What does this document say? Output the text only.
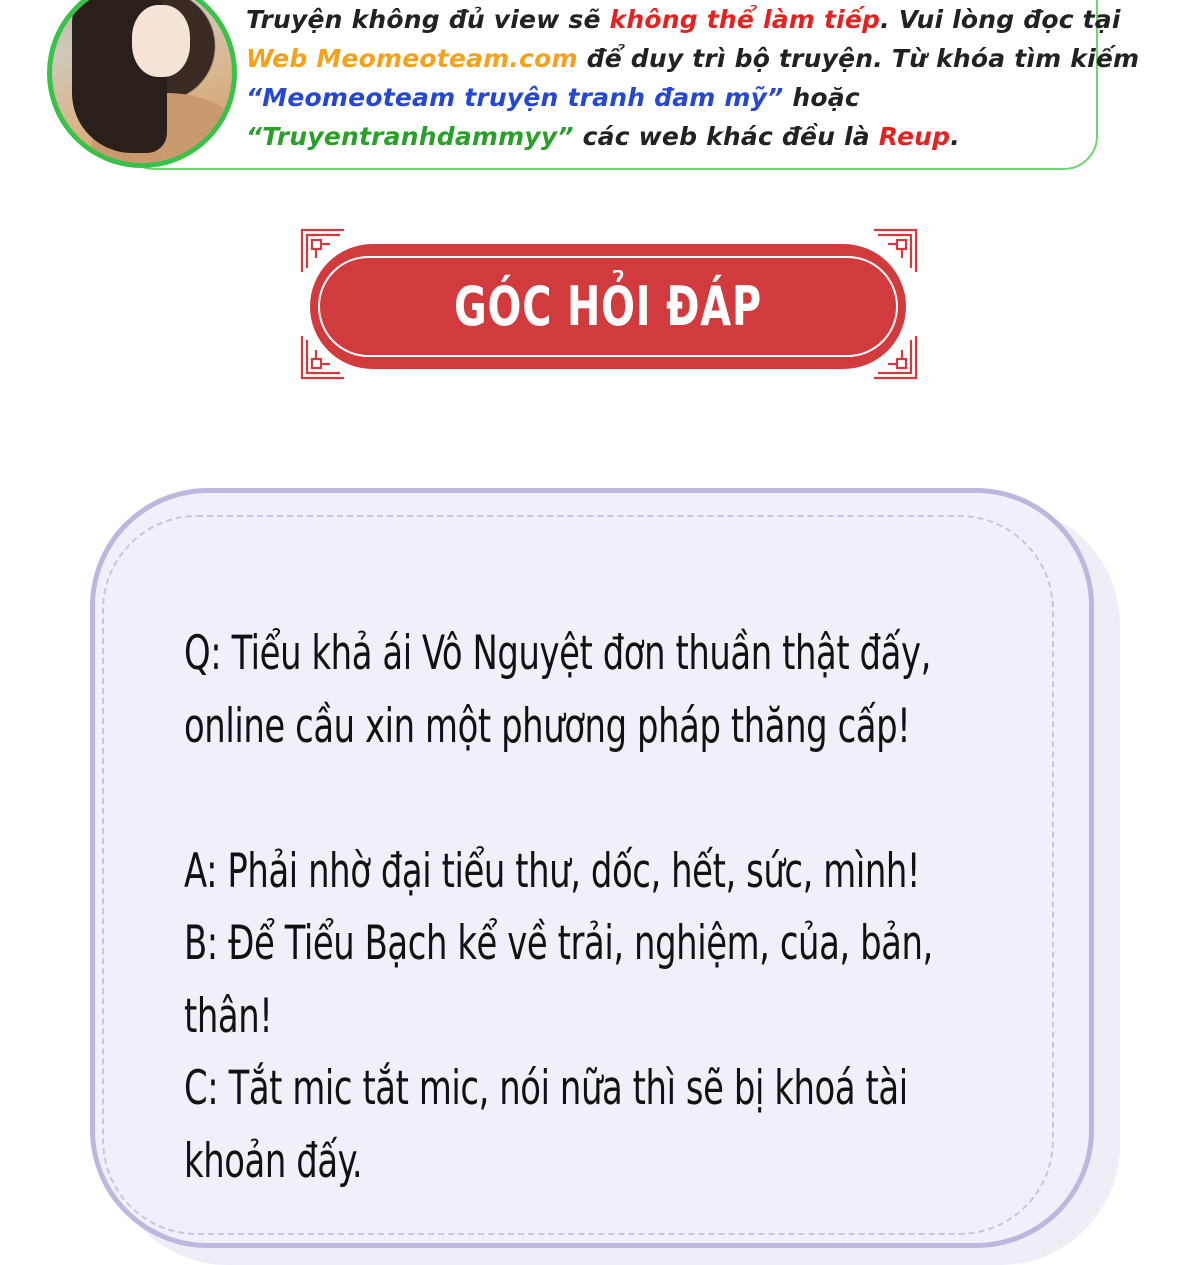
Truyện không đủ view sẽ không thể làm tiếp. Vui lòng đọc tại
Web Meomeoteam.com để duy trì bộ truyện. Từ khóa tìm kiếm
“Meomeoteam truyện tranh đam mỹ” hoặc
“Truyentranhdammyy” các web khác đều là Reup.
GÓC HỎI ĐÁP
Q: Tiểu khả ái Vô Nguyệt đơn thuần thật đấy,
online cầu xin một phương pháp thăng cấp!
A: Phải nhờ đại tiểu thư, dốc, hết, sức, mình!
B: Để Tiểu Bạch kể về trải, nghiệm, của, bản,
thân!
C: Tắt mic tắt mic, nói nữa thì sẽ bị khoá tài
khoản đấy.
